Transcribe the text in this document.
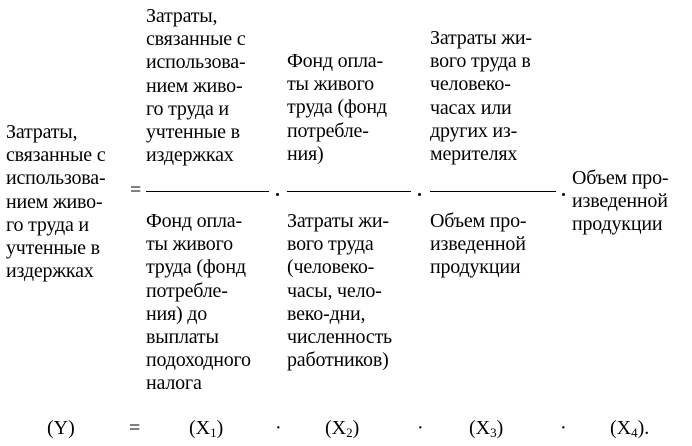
Затраты,
связанные с
использова-
нием живо-
го труда и
учтенные в
издержках
=
Затраты,
связанные с
использова-
нием живо-
го труда и
учтенные в
издержках
Фонд опла-
ты живого
труда (фонд
потребле-
ния) до
выплаты
подоходного
налога
Фонд опла-
ты живого
труда (фонд
потребле-
ния)
Затраты жи-
вого труда
(человеко-
часы, чело-
веко-дни,
численность
работников)
Затраты жи-
вого труда в
человеко-
часах или
других из-
мерителях
Объем про-
изведенной
продукции
Объем про-
изведенной
продукции
(Y)	= $(X_1)$	· $(X_2)$	· $(X_3)$	· $(X_4)$.
